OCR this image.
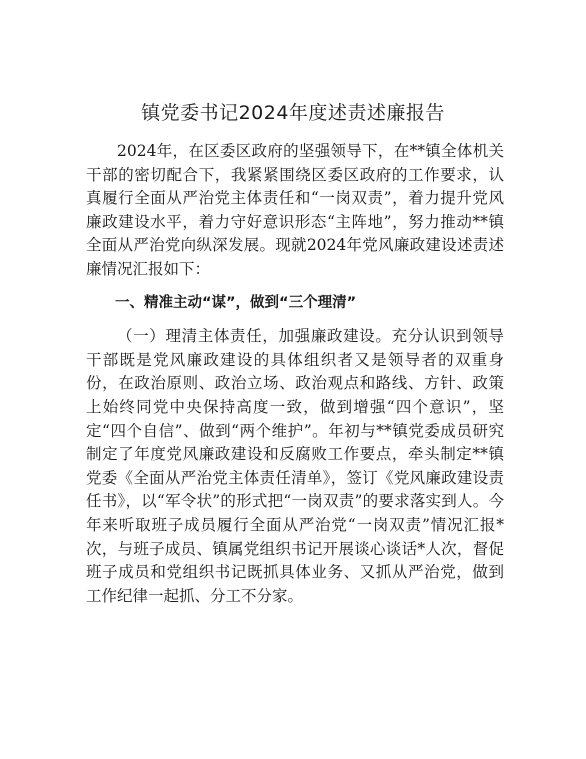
镇党委书记2024年度述责述廉报告

2024年，在区委区政府的坚强领导下，在**镇全体机关干部的密切配合下，我紧紧围绕区委区政府的工作要求，认真履行全面从严治党主体责任和“一岗双责”，着力提升党风廉政建设水平，着力守好意识形态“主阵地”，努力推动**镇全面从严治党向纵深发展。现就2024年党风廉政建设述责述廉情况汇报如下：

一、精准主动“谋”，做到“三个理清”

（一）理清主体责任，加强廉政建设。充分认识到领导干部既是党风廉政建设的具体组织者又是领导者的双重身份，在政治原则、政治立场、政治观点和路线、方针、政策上始终同党中央保持高度一致，做到增强“四个意识”，坚定“四个自信”、做到“两个维护”。年初与**镇党委成员研究制定了年度党风廉政建设和反腐败工作要点，牵头制定**镇党委《全面从严治党主体责任清单》，签订《党风廉政建设责任书》，以“军令状”的形式把“一岗双责”的要求落实到人。今年来听取班子成员履行全面从严治党“一岗双责”情况汇报*次，与班子成员、镇属党组织书记开展谈心谈话*人次，督促班子成员和党组织书记既抓具体业务、又抓从严治党，做到工作纪律一起抓、分工不分家。
